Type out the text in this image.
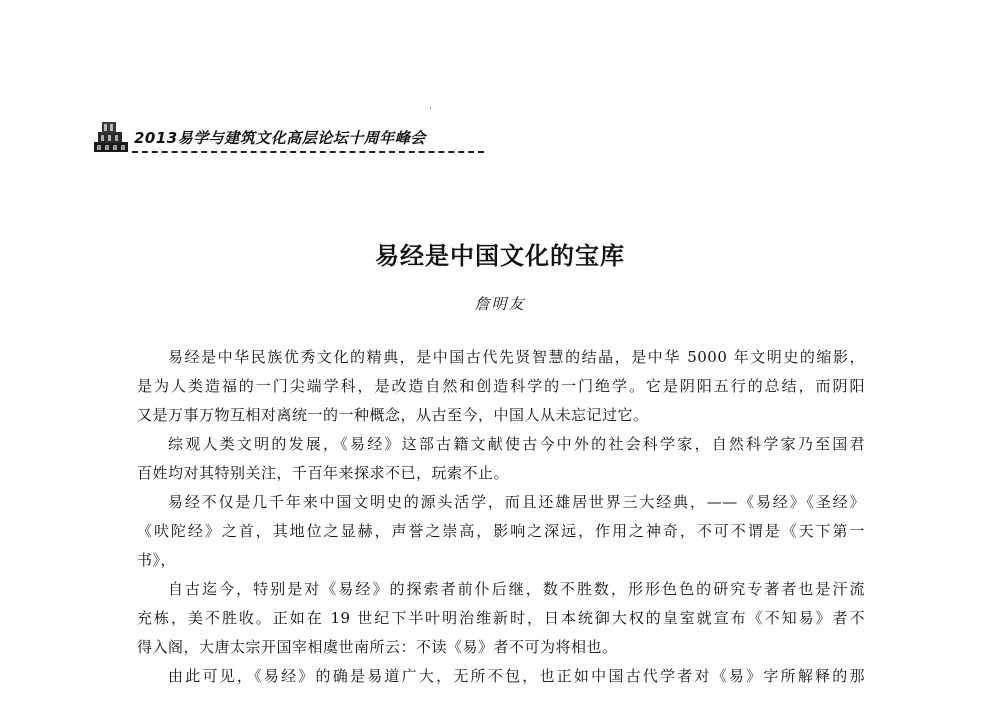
2013易学与建筑文化高层论坛十周年峰会
易经是中国文化的宝库
詹明友
易经是中华民族优秀文化的精典，是中国古代先贤智慧的结晶，是中华 5000 年文明史的缩影，
是为人类造福的一门尖端学科，是改造自然和创造科学的一门绝学。它是阴阳五行的总结，而阴阳
又是万事万物互相对离统一的一种概念，从古至今，中国人从未忘记过它。
综观人类文明的发展，《易经》这部古籍文献使古今中外的社会科学家，自然科学家乃至国君
百姓均对其特别关注，千百年来探求不已，玩索不止。
易经不仅是几千年来中国文明史的源头活学，而且还雄居世界三大经典，——《易经》《圣经》
《吠陀经》之首，其地位之显赫，声誉之崇高，影响之深远，作用之神奇，不可不谓是《天下第一
书》，
自古迄今，特别是对《易经》的探索者前仆后继，数不胜数，形形色色的研究专著者也是汗流
充栋，美不胜收。正如在 19 世纪下半叶明治维新时，日本统御大权的皇室就宣布《不知易》者不
得入阁，大唐太宗开国宰相虞世南所云：不读《易》者不可为将相也。
由此可见，《易经》的确是易道广大，无所不包，也正如中国古代学者对《易》字所解释的那
